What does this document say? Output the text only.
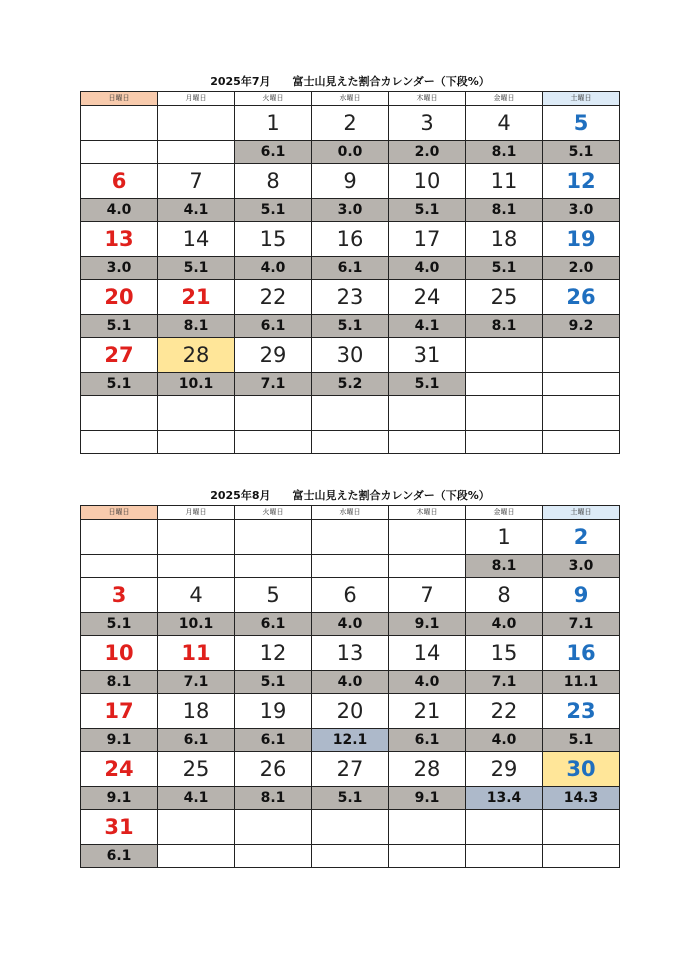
2025年7月　　富士山見えた割合カレンダー（下段%）
日曜日	月曜日	火曜日	水曜日	木曜日	金曜日	土曜日
		1	2	3	4	5
		6.1	0.0	2.0	8.1	5.1
6	7	8	9	10	11	12
4.0	4.1	5.1	3.0	5.1	8.1	3.0
13	14	15	16	17	18	19
3.0	5.1	4.0	6.1	4.0	5.1	2.0
20	21	22	23	24	25	26
5.1	8.1	6.1	5.1	4.1	8.1	9.2
27	28	29	30	31		
5.1	10.1	7.1	5.2	5.1		

2025年8月　　富士山見えた割合カレンダー（下段%）
日曜日	月曜日	火曜日	水曜日	木曜日	金曜日	土曜日
					1	2
					8.1	3.0
3	4	5	6	7	8	9
5.1	10.1	6.1	4.0	9.1	4.0	7.1
10	11	12	13	14	15	16
8.1	7.1	5.1	4.0	4.0	7.1	11.1
17	18	19	20	21	22	23
9.1	6.1	6.1	12.1	6.1	4.0	5.1
24	25	26	27	28	29	30
9.1	4.1	8.1	5.1	9.1	13.4	14.3
31						
6.1						
